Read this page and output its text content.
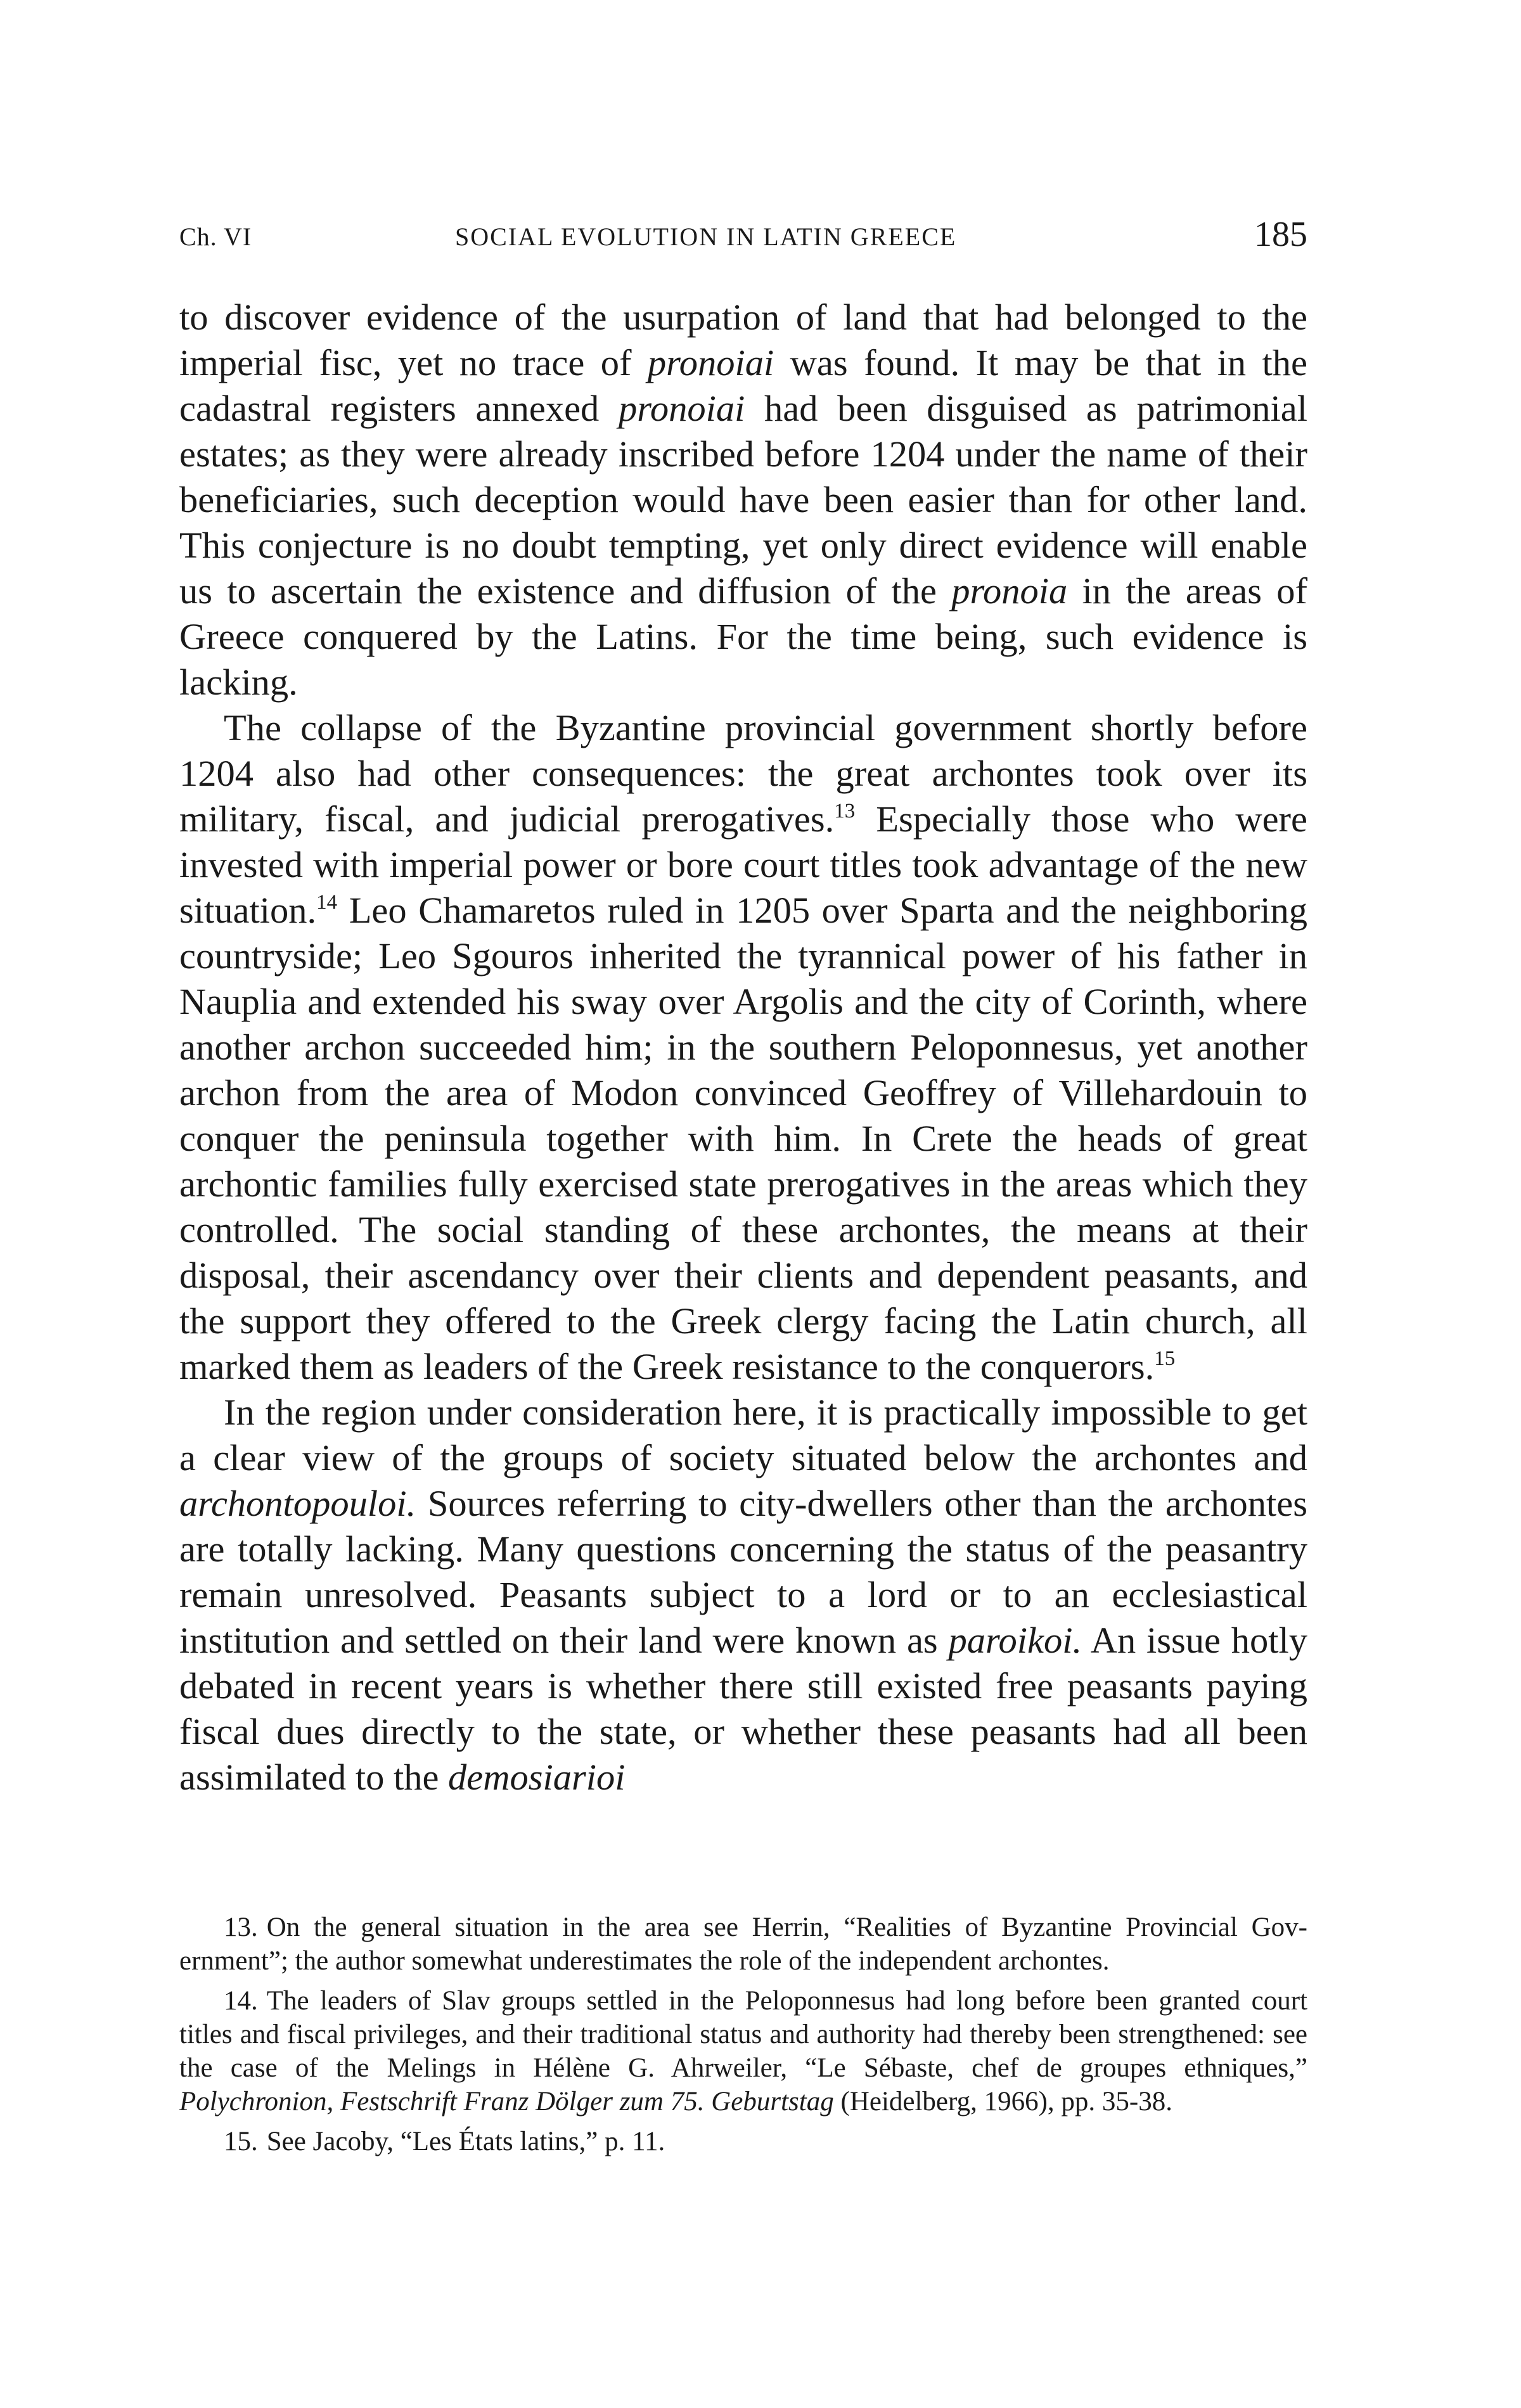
Ch. VI	SOCIAL EVOLUTION IN LATIN GREECE	185

to discover evidence of the usurpation of land that had belonged to the imperial fisc, yet no trace of pronoiai was found. It may be that in the cadastral registers annexed pronoiai had been disguised as patrimonial estates; as they were already inscribed before 1204 under the name of their beneficiaries, such deception would have been easier than for other land. This conjecture is no doubt tempting, yet only direct evidence will enable us to ascertain the existence and diffusion of the pronoia in the areas of Greece conquered by the Latins. For the time being, such evidence is lacking.

The collapse of the Byzantine provincial government shortly before 1204 also had other consequences: the great archontes took over its military, fiscal, and judicial prerogatives.$^{13}$ Especially those who were invested with imperial power or bore court titles took advantage of the new situation.$^{14}$ Leo Chamaretos ruled in 1205 over Sparta and the neighboring countryside; Leo Sgouros inherited the tyrannical power of his father in Nauplia and extended his sway over Argolis and the city of Corinth, where another archon succeeded him; in the southern Peloponnesus, yet another archon from the area of Modon convinced Geoffrey of Villehardouin to conquer the peninsula together with him. In Crete the heads of great archontic families fully exercised state prerogatives in the areas which they controlled. The social standing of these archontes, the means at their disposal, their ascendancy over their clients and dependent peasants, and the support they offered to the Greek clergy facing the Latin church, all marked them as leaders of the Greek resistance to the conquerors.$^{15}$

In the region under consideration here, it is practically impossible to get a clear view of the groups of society situated below the archontes and archontopouloi. Sources referring to city-dwellers other than the archontes are totally lacking. Many questions concerning the status of the peasantry remain unresolved. Peasants subject to a lord or to an ecclesiastical institution and settled on their land were known as paroikoi. An issue hotly debated in recent years is whether there still existed free peasants paying fiscal dues directly to the state, or whether these peasants had all been assimilated to the demosiarioi

13. On the general situation in the area see Herrin, “Realities of Byzantine Provincial Government”; the author somewhat underestimates the role of the independent archontes.

14. The leaders of Slav groups settled in the Peloponnesus had long before been granted court titles and fiscal privileges, and their traditional status and authority had thereby been strengthened: see the case of the Melings in Hélène G. Ahrweiler, “Le Sébaste, chef de groupes ethniques,” Polychronion, Festschrift Franz Dölger zum 75. Geburtstag (Heidelberg, 1966), pp. 35-38.

15. See Jacoby, “Les États latins,” p. 11.
